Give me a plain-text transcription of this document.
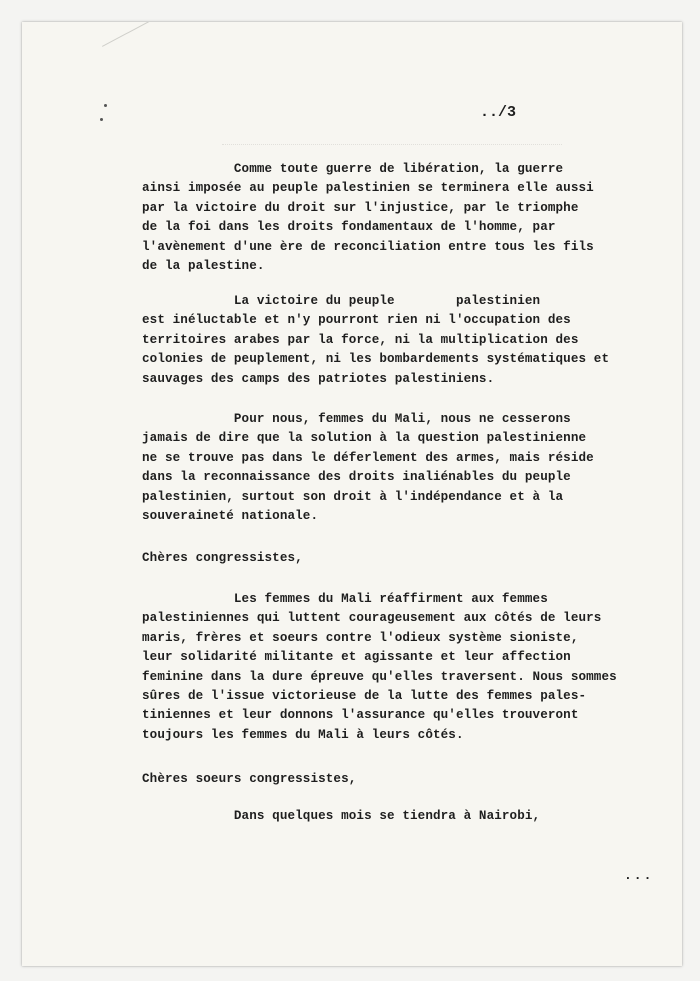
../3
Comme toute guerre de libération, la guerre
ainsi imposée au peuple palestinien se terminera elle aussi
par la victoire du droit sur l'injustice, par le triomphe
de la foi dans les droits fondamentaux de l'homme, par
l'avènement d'une ère de reconciliation entre tous les fils
de la palestine.
La victoire du peuple        palestinien
est inéluctable et n'y pourront rien ni l'occupation des
territoires arabes par la force, ni la multiplication des
colonies de peuplement, ni les bombardements systématiques et
sauvages des camps des patriotes palestiniens.
Pour nous, femmes du Mali, nous ne cesserons
jamais de dire que la solution à la question palestinienne
ne se trouve pas dans le déferlement des armes, mais réside
dans la reconnaissance des droits inaliénables du peuple
palestinien, surtout son droit à l'indépendance et à la
souveraineté nationale.
Chères congressistes,
Les femmes du Mali réaffirment aux femmes
palestiniennes qui luttent courageusement aux côtés de leurs
maris, frères et soeurs contre l'odieux système sioniste,
leur solidarité militante et agissante et leur affection
feminine dans la dure épreuve qu'elles traversent. Nous sommes
sûres de l'issue victorieuse de la lutte des femmes pales-
tiniennes et leur donnons l'assurance qu'elles trouveront
toujours les femmes du Mali à leurs côtés.
Chères soeurs congressistes,
Dans quelques mois se tiendra à Nairobi,
...
